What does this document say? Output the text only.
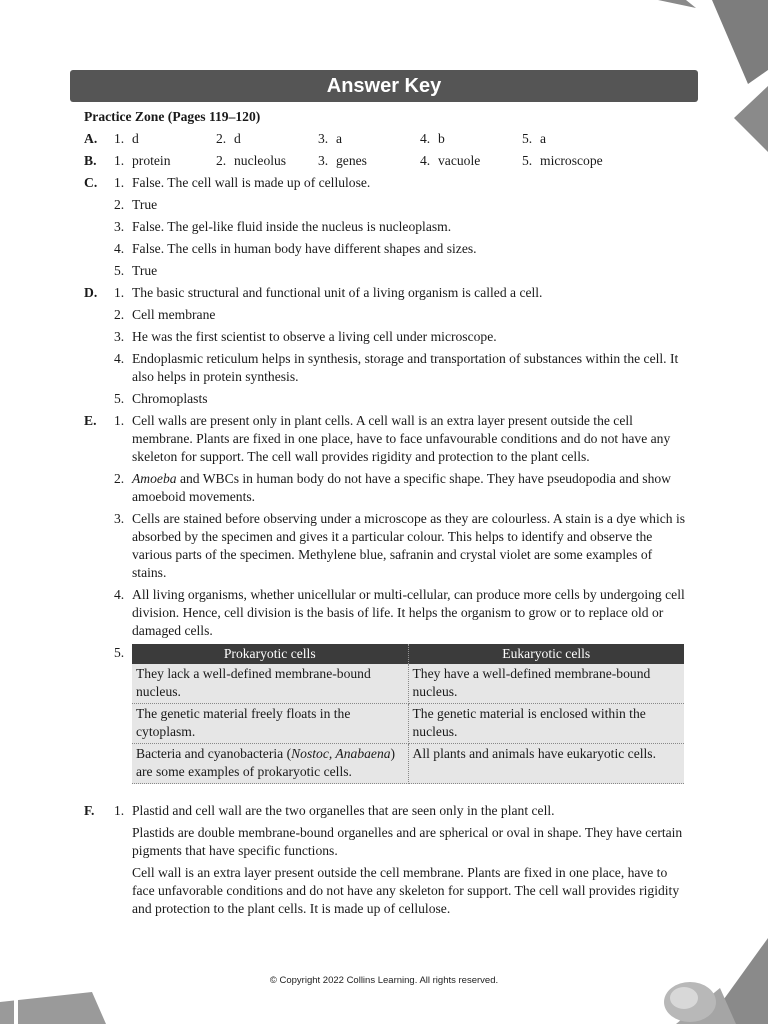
Answer Key
Practice Zone (Pages 119–120)
A. 1. d	2. d	3. a	4. b	5. a
B. 1. protein	2. nucleolus 3. genes	4. vacuole	5. microscope
C. 1. False. The cell wall is made up of cellulose.
2. True
3. False. The gel-like fluid inside the nucleus is nucleoplasm.
4. False. The cells in human body have different shapes and sizes.
5. True
D. 1. The basic structural and functional unit of a living organism is called a cell.
2. Cell membrane
3. He was the first scientist to observe a living cell under microscope.
4. Endoplasmic reticulum helps in synthesis, storage and transportation of substances within the cell. It also helps in protein synthesis.
5. Chromoplasts
E. 1. Cell walls are present only in plant cells. A cell wall is an extra layer present outside the cell membrane. Plants are fixed in one place, have to face unfavourable conditions and do not have any skeleton for support. The cell wall provides rigidity and protection to the plant cells.
2. Amoeba and WBCs in human body do not have a specific shape. They have pseudopodia and show amoeboid movements.
3. Cells are stained before observing under a microscope as they are colourless. A stain is a dye which is absorbed by the specimen and gives it a particular colour. This helps to identify and observe the various parts of the specimen. Methylene blue, safranin and crystal violet are some examples of stains.
4. All living organisms, whether unicellular or multi-cellular, can produce more cells by undergoing cell division. Hence, cell division is the basis of life. It helps the organism to grow or to replace old or damaged cells.
5.	Prokaryotic cells	Eukaryotic cells
They lack a well-defined membrane-bound nucleus.	They have a well-defined membrane-bound nucleus.
The genetic material freely floats in the cytoplasm.	The genetic material is enclosed within the nucleus.
Bacteria and cyanobacteria (Nostoc, Anabaena) are some examples of prokaryotic cells.	All plants and animals have eukaryotic cells.
F. 1. Plastid and cell wall are the two organelles that are seen only in the plant cell.

Plastids are double membrane-bound organelles and are spherical or oval in shape. They have certain pigments that have specific functions.

Cell wall is an extra layer present outside the cell membrane. Plants are fixed in one place, have to face unfavorable conditions and do not have any skeleton for support. The cell wall provides rigidity and protection to the plant cells. It is made up of cellulose.

© Copyright 2022 Collins Learning. All rights reserved.
